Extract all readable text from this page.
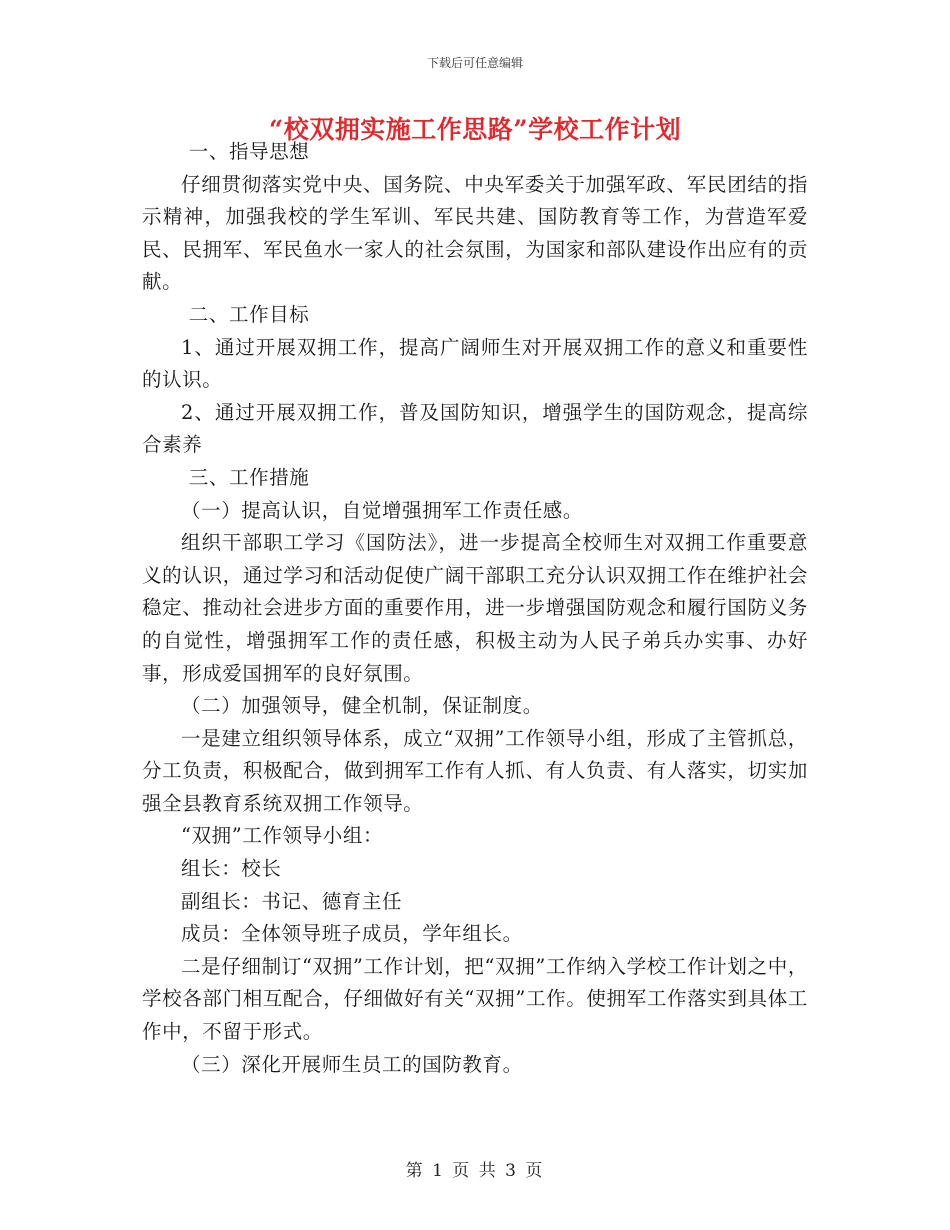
下载后可任意编辑
“校双拥实施工作思路”学校工作计划

一、指导思想

仔细贯彻落实党中央、国务院、中央军委关于加强军政、军民团结的指示精神，加强我校的学生军训、军民共建、国防教育等工作，为营造军爱民、民拥军、军民鱼水一家人的社会氛围，为国家和部队建设作出应有的贡献。

二、工作目标

1、通过开展双拥工作，提高广阔师生对开展双拥工作的意义和重要性的认识。

2、通过开展双拥工作，普及国防知识，增强学生的国防观念，提高综合素养

三、工作措施

（一）提高认识，自觉增强拥军工作责任感。

组织干部职工学习《国防法》，进一步提高全校师生对双拥工作重要意义的认识，通过学习和活动促使广阔干部职工充分认识双拥工作在维护社会稳定、推动社会进步方面的重要作用，进一步增强国防观念和履行国防义务的自觉性，增强拥军工作的责任感，积极主动为人民子弟兵办实事、办好事，形成爱国拥军的良好氛围。

（二）加强领导，健全机制，保证制度。

一是建立组织领导体系，成立“双拥”工作领导小组，形成了主管抓总，分工负责，积极配合，做到拥军工作有人抓、有人负责、有人落实，切实加强全县教育系统双拥工作领导。

“双拥”工作领导小组：

组长：校长

副组长：书记、德育主任

成员：全体领导班子成员，学年组长。

二是仔细制订“双拥”工作计划，把“双拥”工作纳入学校工作计划之中，学校各部门相互配合，仔细做好有关“双拥”工作。使拥军工作落实到具体工作中，不留于形式。

（三）深化开展师生员工的国防教育。

第 1 页 共 3 页
